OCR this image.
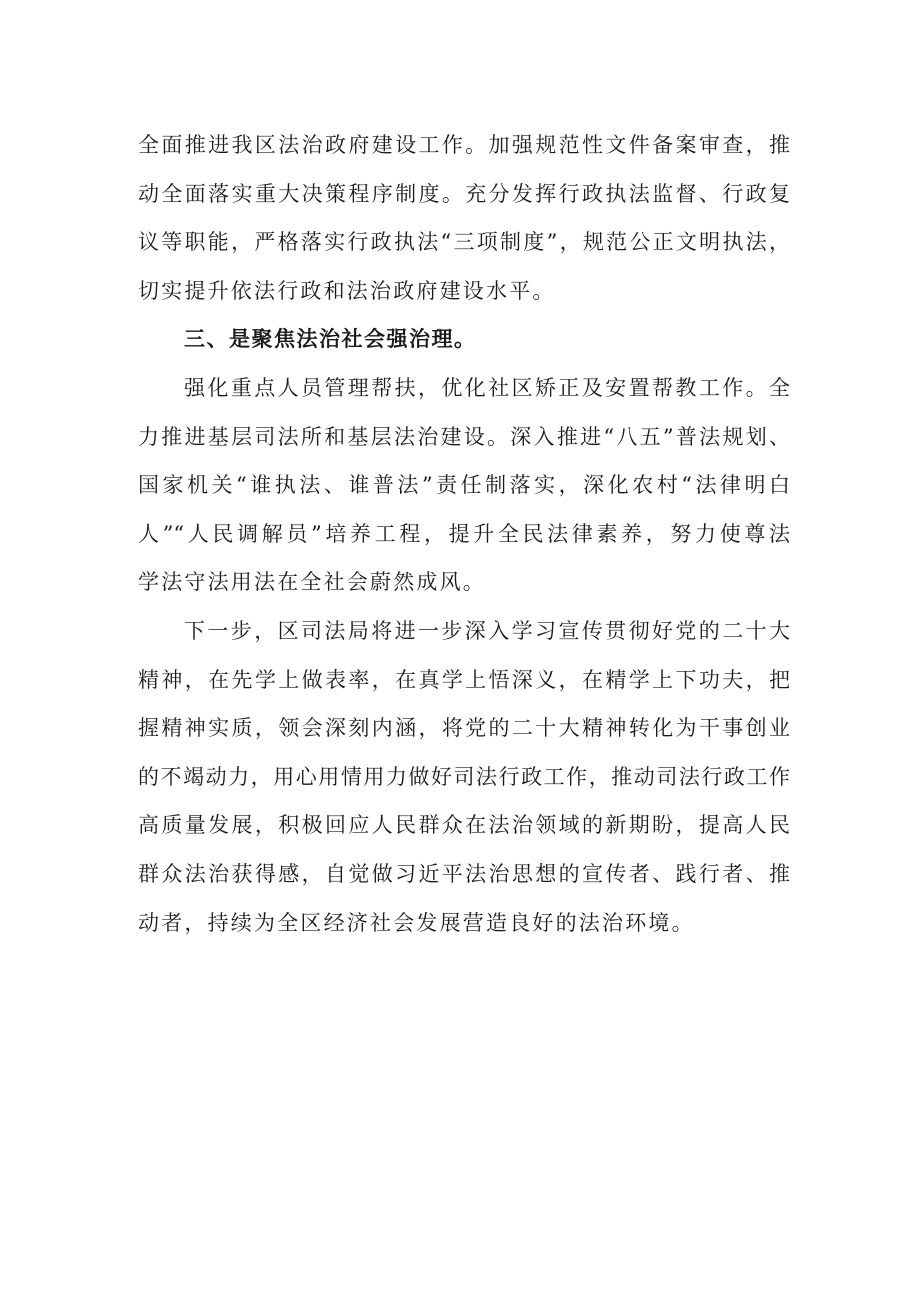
全面推进我区法治政府建设工作。加强规范性文件备案审查，推
动全面落实重大决策程序制度。充分发挥行政执法监督、行政复
议等职能，严格落实行政执法“三项制度”，规范公正文明执法，
切实提升依法行政和法治政府建设水平。
三、是聚焦法治社会强治理。
强化重点人员管理帮扶，优化社区矫正及安置帮教工作。全
力推进基层司法所和基层法治建设。深入推进“八五”普法规划、
国家机关“谁执法、谁普法”责任制落实，深化农村“法律明白
人”“人民调解员”培养工程，提升全民法律素养，努力使尊法
学法守法用法在全社会蔚然成风。
下一步，区司法局将进一步深入学习宣传贯彻好党的二十大
精神，在先学上做表率，在真学上悟深义，在精学上下功夫，把
握精神实质，领会深刻内涵，将党的二十大精神转化为干事创业
的不竭动力，用心用情用力做好司法行政工作，推动司法行政工作
高质量发展，积极回应人民群众在法治领域的新期盼，提高人民
群众法治获得感，自觉做习近平法治思想的宣传者、践行者、推
动者，持续为全区经济社会发展营造良好的法治环境。
